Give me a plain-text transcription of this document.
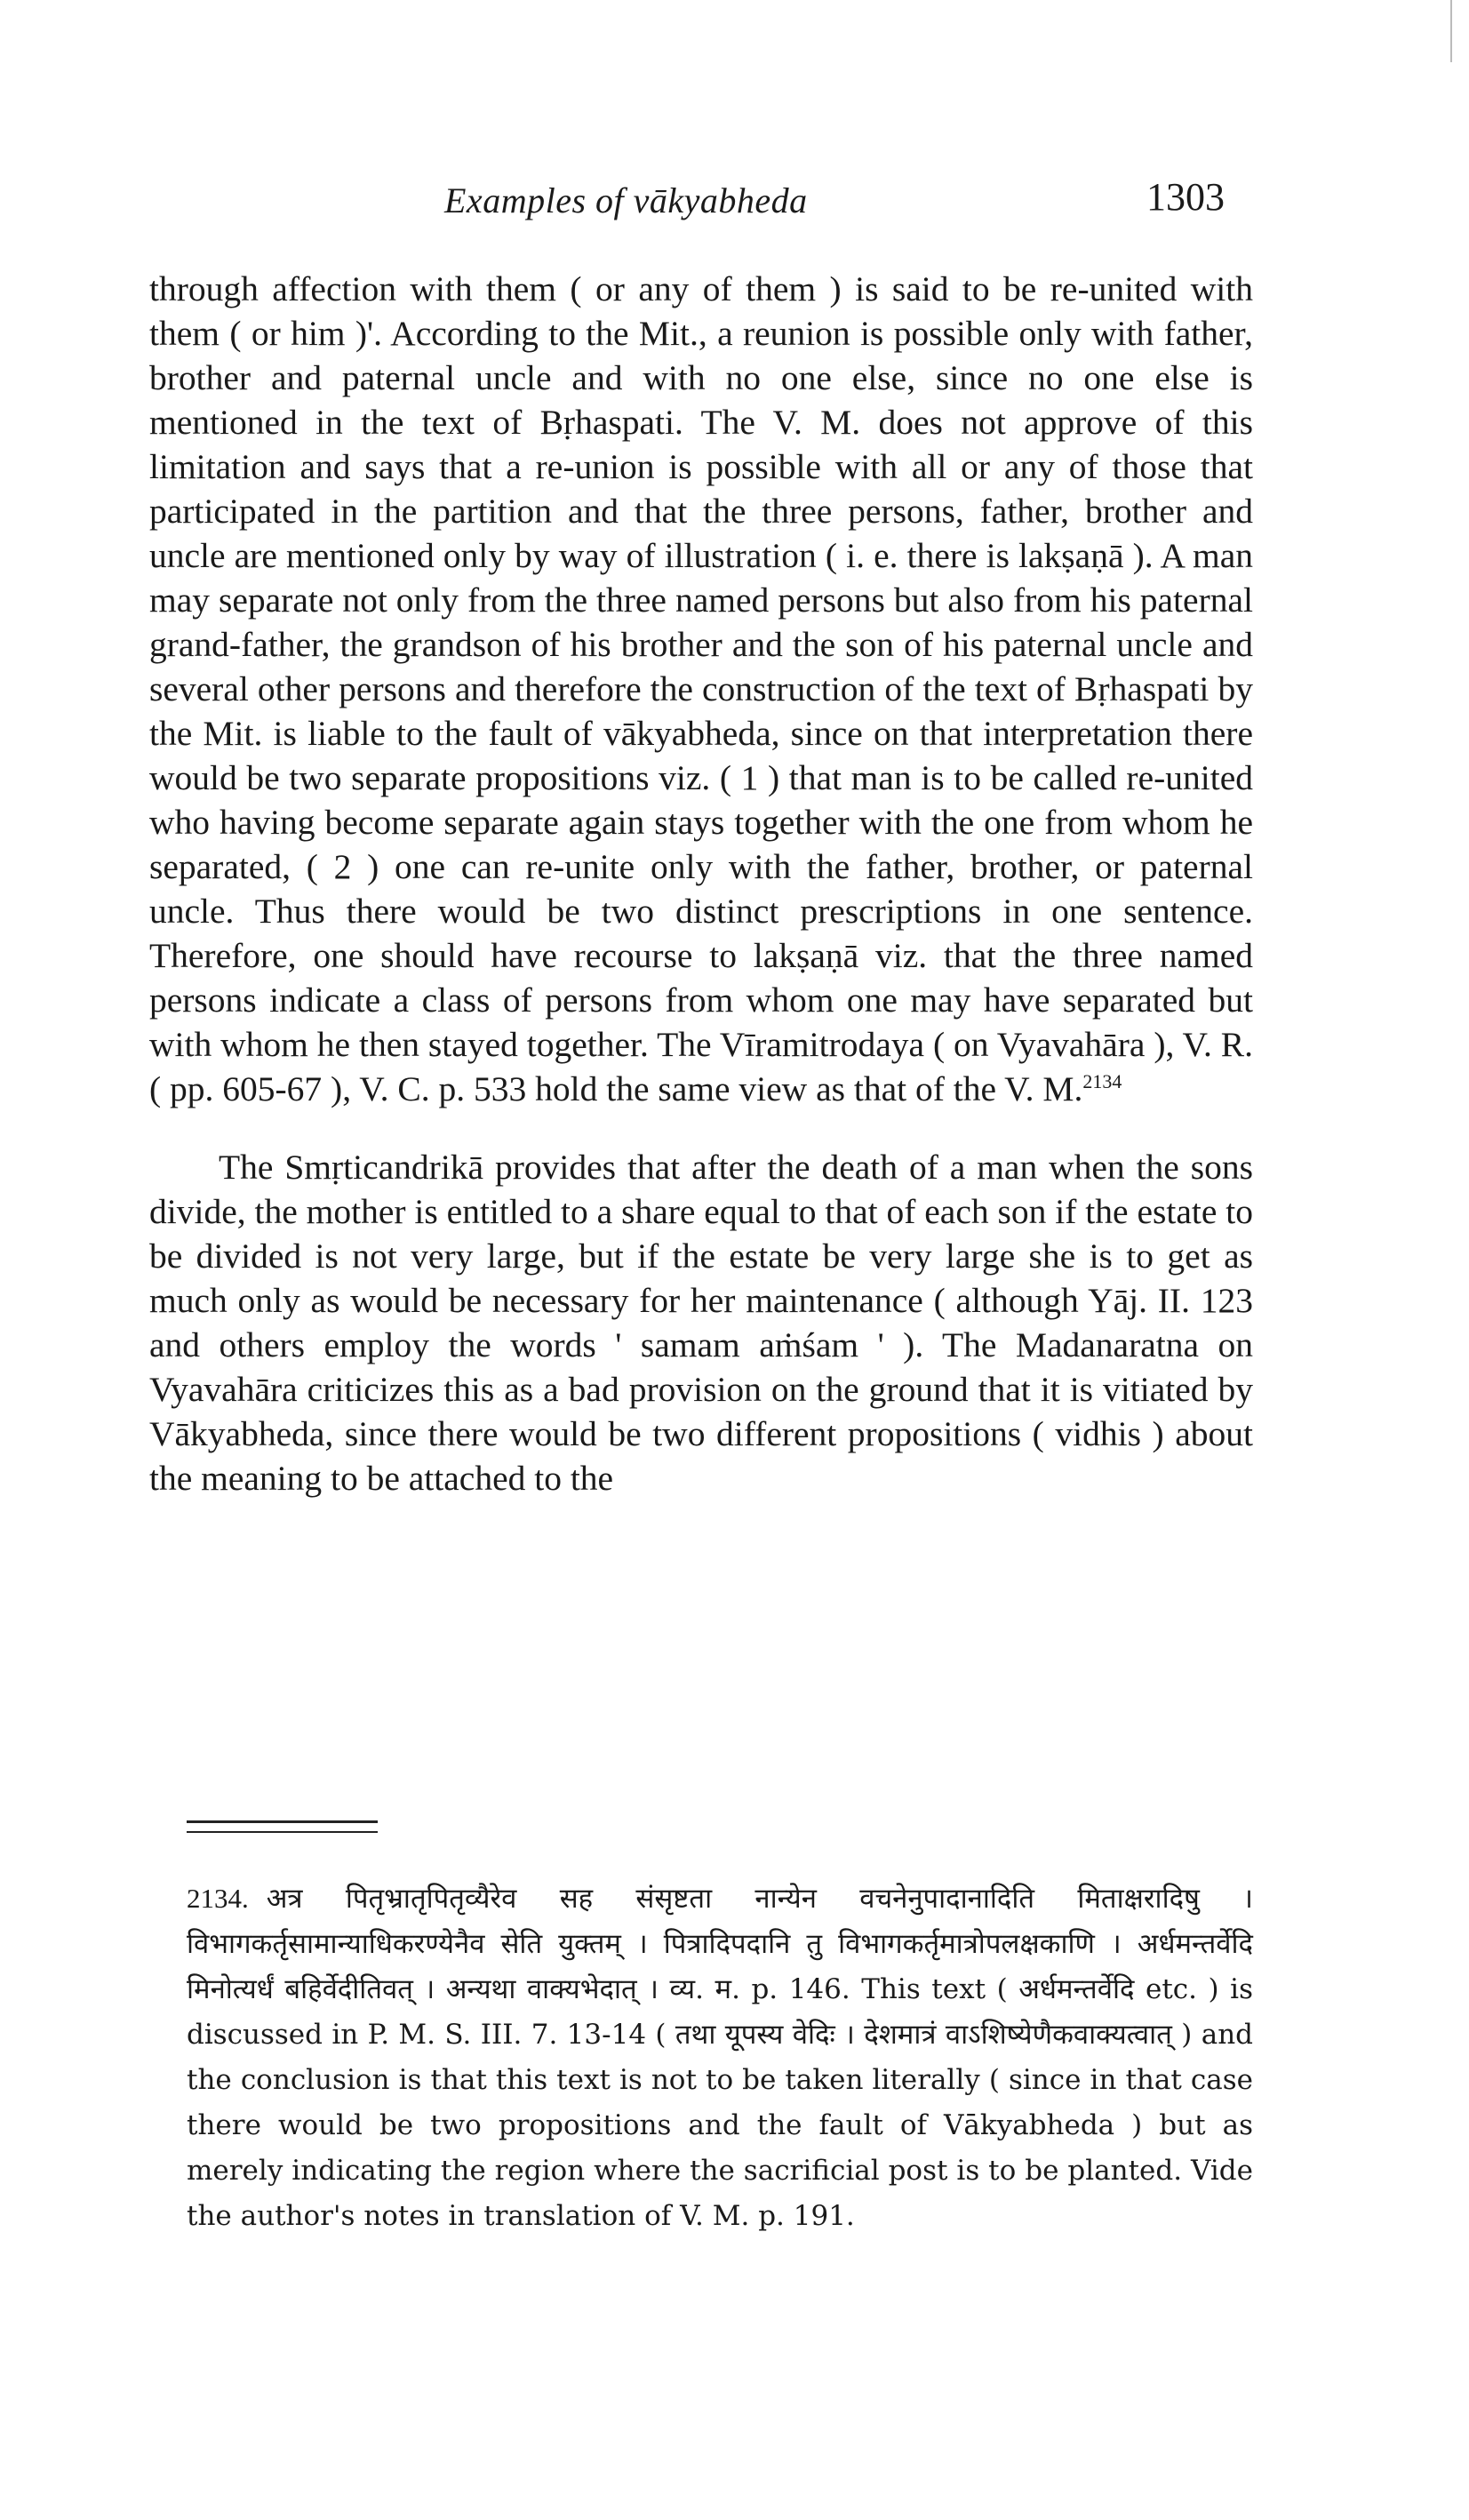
Examples of vākyabheda	1303

through affection with them ( or any of them ) is said to be re-united with them ( or him )'. According to the Mit., a reunion is possible only with father, brother and paternal uncle and with no one else, since no one else is mentioned in the text of Bṛhaspati. The V. M. does not approve of this limitation and says that a re-union is possible with all or any of those that participated in the partition and that the three persons, father, brother and uncle are mentioned only by way of illustration ( i. e. there is lakṣaṇā ). A man may separate not only from the three named persons but also from his paternal grand-father, the grandson of his brother and the son of his paternal uncle and several other persons and therefore the construction of the text of Bṛhaspati by the Mit. is liable to the fault of vākyabheda, since on that interpretation there would be two separate propositions viz. ( 1 ) that man is to be called re-united who having become separate again stays together with the one from whom he separated, ( 2 ) one can re-unite only with the father, brother, or paternal uncle. Thus there would be two distinct prescriptions in one sentence. Therefore, one should have recourse to lakṣaṇā viz. that the three named persons indicate a class of persons from whom one may have separated but with whom he then stayed together. The Vīramitrodaya ( on Vyavahāra ), V. R. ( pp. 605-67 ), V. C. p. 533 hold the same view as that of the V. M.$^{2134}$

The Smṛticandrikā provides that after the death of a man when the sons divide, the mother is entitled to a share equal to that of each son if the estate to be divided is not very large, but if the estate be very large she is to get as much only as would be necessary for her maintenance ( although Yāj. II. 123 and others employ the words ' samam aṁśam ' ). The Madanaratna on Vyavahāra criticizes this as a bad provision on the ground that it is vitiated by Vākyabheda, since there would be two different propositions ( vidhis ) about the meaning to be attached to the

2134. अत्र पितृभ्रातृपितृव्यैरेव सह संसृष्टता नान्येन वचनेनुपादानादिति मिताक्षरादिषु । विभागकर्तृसामान्याधिकरण्येनैव सेति युक्तम् । पित्रादिपदानि तु विभागकर्तृमात्रोपलक्षकाणि । अर्धमन्तर्वेदि मिनोत्यर्धं बहिर्वेदीतिवत् । अन्यथा वाक्यभेदात् । व्य. म. p. 146. This text ( अर्धमन्तर्वेदि etc. ) is discussed in P. M. S. III. 7. 13-14 ( तथा यूपस्य वेदिः । देशमात्रं वाऽशिष्येणैकवाक्यत्वात् ) and the conclusion is that this text is not to be taken literally ( since in that case there would be two propositions and the fault of Vākyabheda ) but as merely indicating the region where the sacrificial post is to be planted. Vide the author's notes in translation of V. M. p. 191.
